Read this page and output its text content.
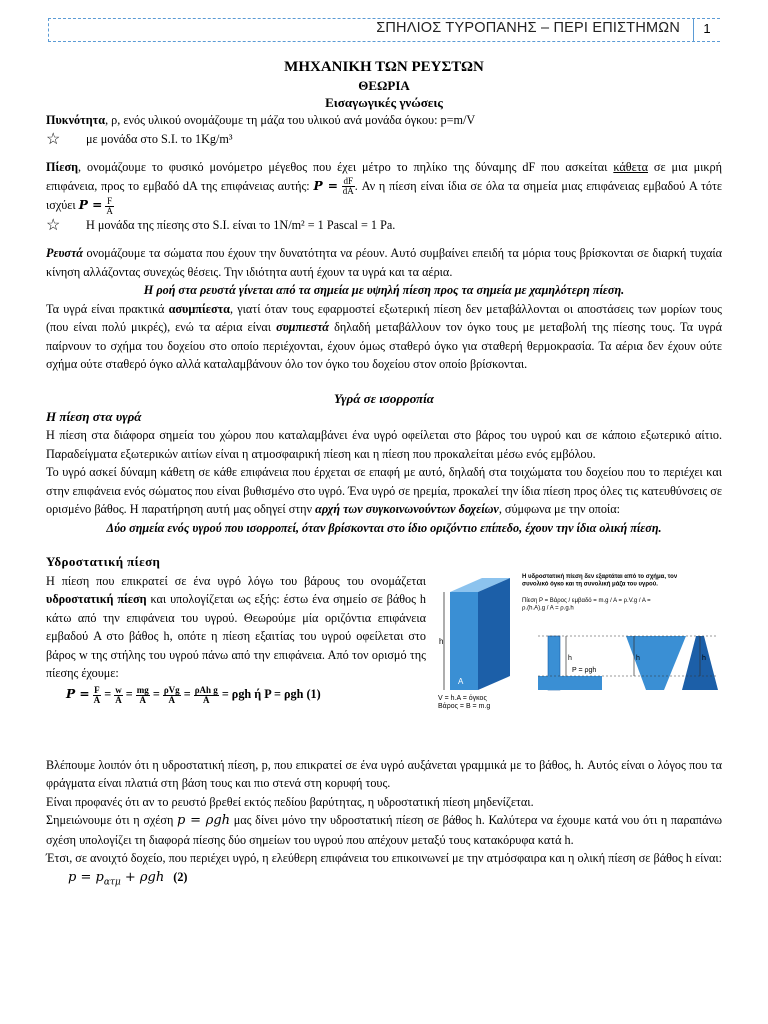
ΣΠΗΛΙΟΣ ΤΥΡΟΠΑΝΗΣ – ΠΕΡΙ ΕΠΙΣΤΗΜΩΝ	1

ΜΗΧΑΝΙΚΗ ΤΩΝ ΡΕΥΣΤΩΝ

ΘΕΩΡΙΑ

Εισαγωγικές γνώσεις

Πυκνότητα, ρ, ενός υλικού ονομάζουμε τη μάζα του υλικού ανά μονάδα όγκου: p=m/V

☆ με μονάδα στο S.I. το 1Kg/m³

Πίεση, ονομάζουμε το φυσικό μονόμετρο μέγεθος που έχει μέτρο το πηλίκο της δύναμης dF που ασκείται κάθετα σε μια μικρή επιφάνεια, προς το εμβαδό dA της επιφάνειας αυτής: $P = \frac{dF}{dA}$ . Αν η πίεση είναι ίδια σε όλα τα σημεία μιας επιφάνειας εμβαδού A τότε ισχύει $P = \frac{F}{A}$

☆ Η μονάδα της πίεσης στο S.I. είναι το 1N/m² = 1 Pascal = 1 Pa.

Ρευστά ονομάζουμε τα σώματα που έχουν την δυνατότητα να ρέουν. Αυτό συμβαίνει επειδή τα μόρια τους βρίσκονται σε διαρκή τυχαία κίνηση αλλάζοντας συνεχώς θέσεις. Την ιδιότητα αυτή έχουν τα υγρά και τα αέρια.

Η ροή στα ρευστά γίνεται από τα σημεία με υψηλή πίεση προς τα σημεία με χαμηλότερη πίεση.

Τα υγρά είναι πρακτικά ασυμπίεστα, γιατί όταν τους εφαρμοστεί εξωτερική πίεση δεν μεταβάλλονται οι αποστάσεις των μορίων τους (που είναι πολύ μικρές), ενώ τα αέρια είναι συμπιεστά δηλαδή μεταβάλλουν τον όγκο τους με μεταβολή της πίεσης τους. Τα υγρά παίρνουν το σχήμα του δοχείου στο οποίο περιέχονται, έχουν όμως σταθερό όγκο για σταθερή θερμοκρασία. Τα αέρια δεν έχουν ούτε σχήμα ούτε σταθερό όγκο αλλά καταλαμβάνουν όλο τον όγκο του δοχείου στον οποίο βρίσκονται.

Υγρά σε ισορροπία

Η πίεση στα υγρά

Η πίεση στα διάφορα σημεία του χώρου που καταλαμβάνει ένα υγρό οφείλεται στο βάρος του υγρού και σε κάποιο εξωτερικό αίτιο. Παραδείγματα εξωτερικών αιτίων είναι η ατμοσφαιρική πίεση και η πίεση που προκαλείται μέσω ενός εμβόλου.

Το υγρό ασκεί δύναμη κάθετη σε κάθε επιφάνεια που έρχεται σε επαφή με αυτό, δηλαδή στα τοιχώματα του δοχείου που το περιέχει και στην επιφάνεια ενός σώματος που είναι βυθισμένο στο υγρό. Ένα υγρό σε ηρεμία, προκαλεί την ίδια πίεση προς όλες τις κατευθύνσεις σε ορισμένο βάθος. Η παρατήρηση αυτή μας οδηγεί στην αρχή των συγκοινωνούντων δοχείων, σύμφωνα με την οποία:

Δύο σημεία ενός υγρού που ισορροπεί, όταν βρίσκονται στο ίδιο οριζόντιο επίπεδο, έχουν την ίδια ολική πίεση.

Υδροστατική πίεση

Η πίεση που επικρατεί σε ένα υγρό λόγω του βάρους του ονομάζεται υδροστατική πίεση και υπολογίζεται ως εξής: έστω ένα σημείο σε βάθος h κάτω από την επιφάνεια του υγρού. Θεωρούμε μία οριζόντια επιφάνεια εμβαδού A στο βάθος h, οπότε η πίεση εξαιτίας του υγρού οφείλεται στο βάρος w της στήλης του υγρού πάνω από την επιφάνεια. Από τον ορισμό της πίεσης έχουμε:

$P = \frac{F}{A} = \frac{w}{A} = \frac{mg}{A} = \frac{\text{ρVg}}{A} = \frac{\text{ρAh g}}{A} = \rho gh$ ή P = ρgh (1)

h
A
V = h.A = όγκος
Βάρος = B = m.g
Η υδροστατική πίεση δεν εξαρτάται από το σχήμα, τον συνολικό όγκο και τη συνολική μάζα του υγρού.
Πίεση P = Βάρος / εμβαδό = m.g / A = ρ.V.g / A = ρ.(h.A).g / A = ρ.g.h
h	h	h
P = ρgh

Βλέπουμε λοιπόν ότι η υδροστατική πίεση, p, που επικρατεί σε ένα υγρό αυξάνεται γραμμικά με το βάθος, h. Αυτός είναι ο λόγος που τα φράγματα είναι πλατιά στη βάση τους και πιο στενά στη κορυφή τους.

Είναι προφανές ότι αν το ρευστό βρεθεί εκτός πεδίου βαρύτητας, η υδροστατική πίεση μηδενίζεται.

Σημειώνουμε ότι η σχέση p = ρgh μας δίνει μόνο την υδροστατική πίεση σε βάθος h. Καλύτερα να έχουμε κατά νου ότι η παραπάνω σχέση υπολογίζει τη διαφορά πίεσης δύο σημείων του υγρού που απέχουν μεταξύ τους κατακόρυφα κατά h.

Έτσι, σε ανοιχτό δοχείο, που περιέχει υγρό, η ελεύθερη επιφάνεια του επικοινωνεί με την ατμόσφαιρα και η ολική πίεση σε βάθος h είναι: $p = p_{\alpha\tau\mu} + \rho gh$ (2)
